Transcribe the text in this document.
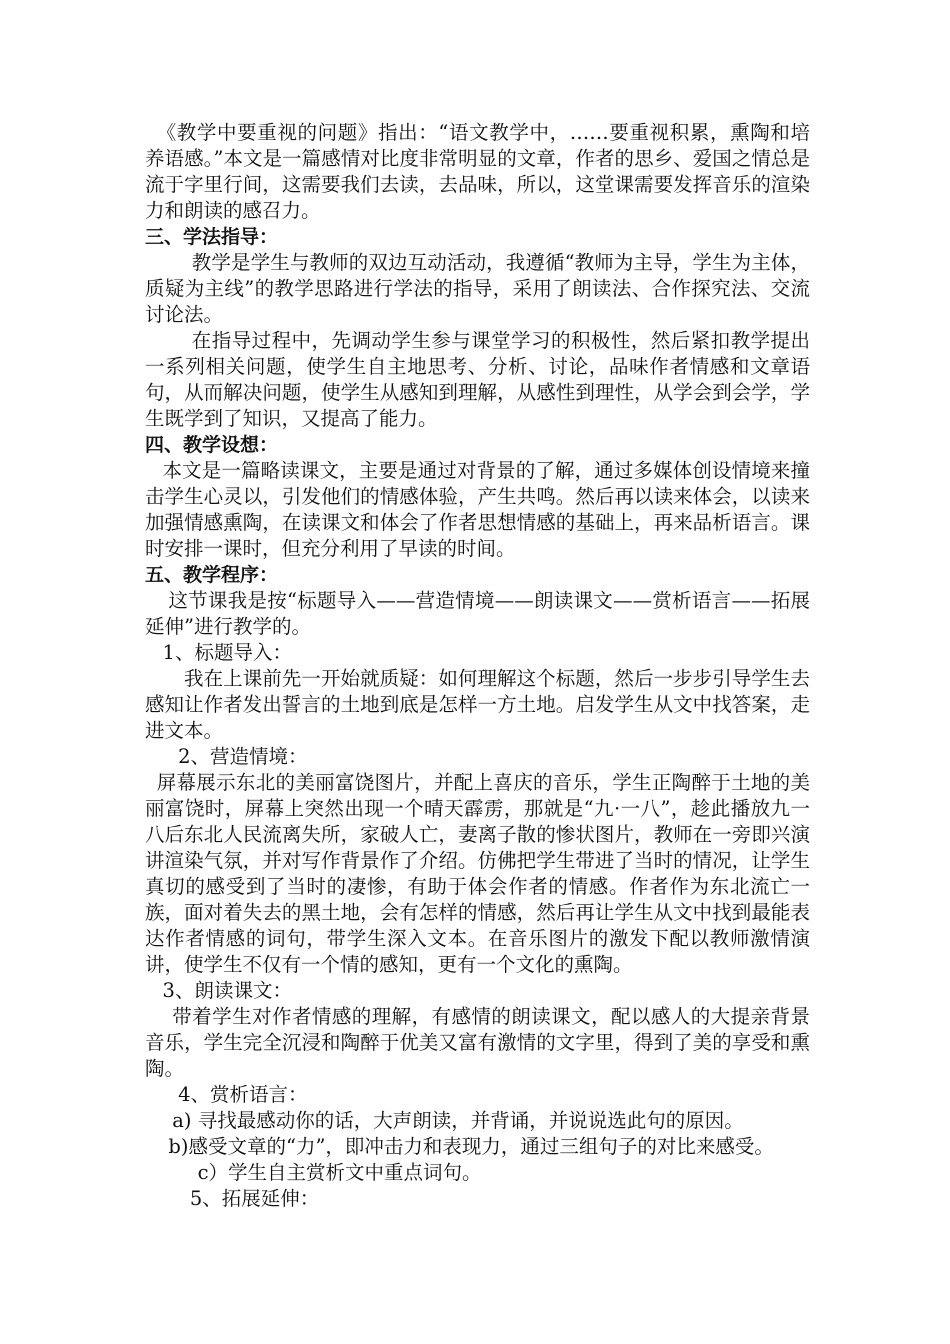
《教学中要重视的问题》指出：“语文教学中，……要重视积累，熏陶和培养语感。”本文是一篇感情对比度非常明显的文章，作者的思乡、爱国之情总是流于字里行间，这需要我们去读，去品味，所以，这堂课需要发挥音乐的渲染力和朗读的感召力。

三、学法指导：

教学是学生与教师的双边互动活动，我遵循“教师为主导，学生为主体，质疑为主线”的教学思路进行学法的指导，采用了朗读法、合作探究法、交流讨论法。

在指导过程中，先调动学生参与课堂学习的积极性，然后紧扣教学提出一系列相关问题，使学生自主地思考、分析、讨论，品味作者情感和文章语句，从而解决问题，使学生从感知到理解，从感性到理性，从学会到会学，学生既学到了知识，又提高了能力。

四、教学设想：

本文是一篇略读课文，主要是通过对背景的了解，通过多媒体创设情境来撞击学生心灵以，引发他们的情感体验，产生共鸣。然后再以读来体会，以读来加强情感熏陶，在读课文和体会了作者思想情感的基础上，再来品析语言。课时安排一课时，但充分利用了早读的时间。

五、教学程序：

这节课我是按“标题导入——营造情境——朗读课文——赏析语言——拓展延伸”进行教学的。

1、标题导入：

我在上课前先一开始就质疑：如何理解这个标题，然后一步步引导学生去感知让作者发出誓言的土地到底是怎样一方土地。启发学生从文中找答案，走进文本。

2、营造情境：

屏幕展示东北的美丽富饶图片，并配上喜庆的音乐，学生正陶醉于土地的美丽富饶时，屏幕上突然出现一个晴天霹雳，那就是“九·一八”，趁此播放九一八后东北人民流离失所，家破人亡，妻离子散的惨状图片，教师在一旁即兴演讲渲染气氛，并对写作背景作了介绍。仿佛把学生带进了当时的情况，让学生真切的感受到了当时的凄惨，有助于体会作者的情感。作者作为东北流亡一族，面对着失去的黑土地，会有怎样的情感，然后再让学生从文中找到最能表达作者情感的词句，带学生深入文本。在音乐图片的激发下配以教师激情演讲，使学生不仅有一个情的感知，更有一个文化的熏陶。

3、朗读课文：

带着学生对作者情感的理解，有感情的朗读课文，配以感人的大提亲背景音乐，学生完全沉浸和陶醉于优美又富有激情的文字里，得到了美的享受和熏陶。

4、赏析语言：

a) 寻找最感动你的话，大声朗读，并背诵，并说说选此句的原因。

b)感受文章的“力”，即冲击力和表现力，通过三组句子的对比来感受。

c）学生自主赏析文中重点词句。

5、拓展延伸：
